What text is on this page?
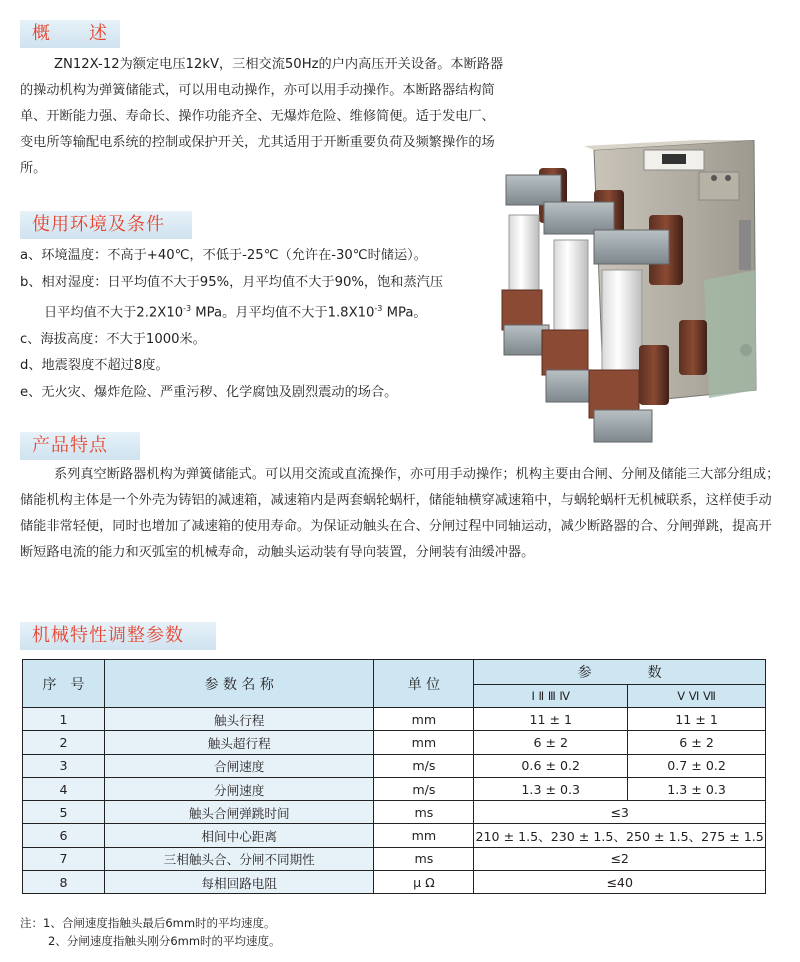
概　　述

ZN12X-12为额定电压12kV，三相交流50Hz的户内高压开关设备。本断路器的操动机构为弹簧储能式，可以用电动操作，亦可以用手动操作。本断路器结构简单、开断能力强、寿命长、操作功能齐全、无爆炸危险、维修简便。适于发电厂、变电所等输配电系统的控制或保护开关，尤其适用于开断重要负荷及频繁操作的场所。

使用环境及条件
a、环境温度：不高于+40℃，不低于-25℃（允许在-30℃时储运）。
b、相对湿度：日平均值不大于95%，月平均值不大于90%，饱和蒸汽压
日平均值不大于$2.2X10^{-3}$ MPa。月平均值不大于$1.8X10^{-3}$ MPa。
c、海拔高度：不大于1000米。
d、地震裂度不超过8度。
e、无火灾、爆炸危险、严重污秽、化学腐蚀及剧烈震动的场合。
产品特点

系列真空断路器机构为弹簧储能式。可以用交流或直流操作，亦可用手动操作；机构主要由合闸、分闸及储能三大部分组成；储能机构主体是一个外壳为铸铝的减速箱，减速箱内是两套蜗轮蜗杆，储能轴横穿减速箱中，与蜗轮蜗杆无机械联系，这样使手动储能非常轻便，同时也增加了减速箱的使用寿命。为保证动触头在合、分闸过程中同轴运动，减少断路器的合、分闸弹跳，提高开断短路电流的能力和灭弧室的机械寿命，动触头运动装有导向装置，分闸装有油缓冲器。

机械特性调整参数
序　号	参 数 名 称	单 位	参　　　　数	
			Ⅰ Ⅱ Ⅲ Ⅳ	Ⅴ Ⅵ Ⅶ
1	触头行程	mm	11 ± 1	11 ± 1
2	触头超行程	mm	6 ± 2	6 ± 2
3	合闸速度	m/s	0.6 ± 0.2	0.7 ± 0.2
4	分闸速度	m/s	1.3 ± 0.3	1.3 ± 0.3
5	触头合闸弹跳时间	ms	≤3	
6	相间中心距离	mm	210 ± 1.5、230 ± 1.5、250 ± 1.5、275 ± 1.5	
7	三相触头合、分闸不同期性	ms	≤2	
8	每相回路电阻	μ Ω	≤40	
注：1、合闸速度指触头最后6mm时的平均速度。
2、分闸速度指触头刚分6mm时的平均速度。
